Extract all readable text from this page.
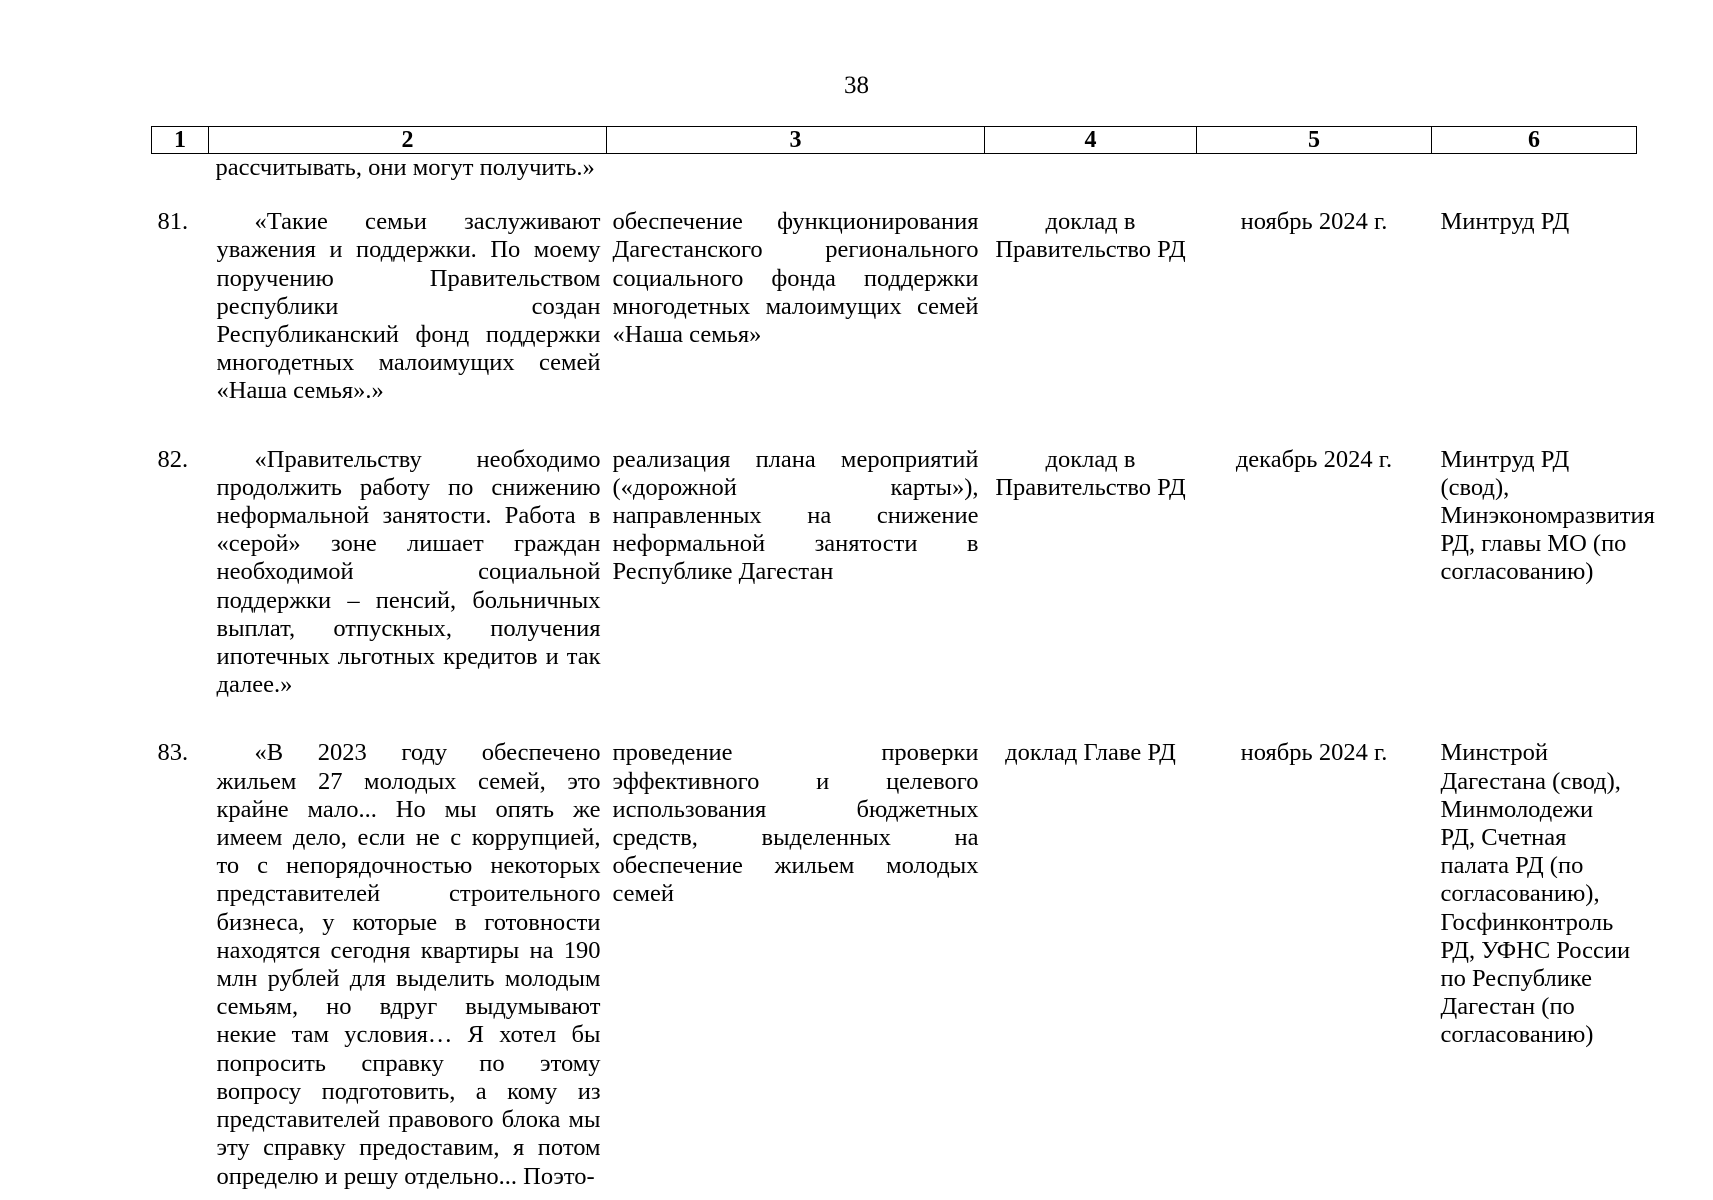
38
1	2	3	4	5	6
рассчитывать, они могут получить.»					

81.	«Такие семьи заслуживают уважения и поддержки. По моему поручению Правительством республики создан Республиканский фонд поддержки многодетных малоимущих семей «Наша семья».»	обеспечение функционирования Дагестанского регионального социального фонда поддержки многодетных малоимущих семей «Наша семья»	доклад в Правительство РД	ноябрь 2024 г.	Минтруд РД

82.	«Правительству необходимо продолжить работу по снижению неформальной занятости. Работа в «серой» зоне лишает граждан необходимой социальной поддержки – пенсий, больничных выплат, отпускных, получения ипотечных льготных кредитов и так далее.»	реализация плана мероприятий («дорожной карты»), направленных на снижение неформальной занятости в Республике Дагестан	доклад в Правительство РД	декабрь 2024 г.	Минтруд РД (свод), Минэкономразвития РД, главы МО (по согласованию)

83.	«В 2023 году обеспечено жильем 27 молодых семей, это крайне мало... Но мы опять же имеем дело, если не с коррупцией, то с непорядочностью некоторых представителей строительного бизнеса, у которые в готовности находятся сегодня квартиры на 190 млн рублей для выделить молодым семьям, но вдруг выдумывают некие там условия… Я хотел бы попросить справку по этому вопросу подготовить, а кому из представителей правового блока мы эту справку предоставим, я потом определю и решу отдельно... Поэто-	проведение проверки эффективного и целевого использования бюджетных средств, выделенных на обеспечение жильем молодых семей	доклад Главе РД	ноябрь 2024 г.	Минстрой Дагестана (свод), Минмолодежи РД, Счетная палата РД (по согласованию), Госфинконтроль РД, УФНС России по Республике Дагестан (по согласованию)
